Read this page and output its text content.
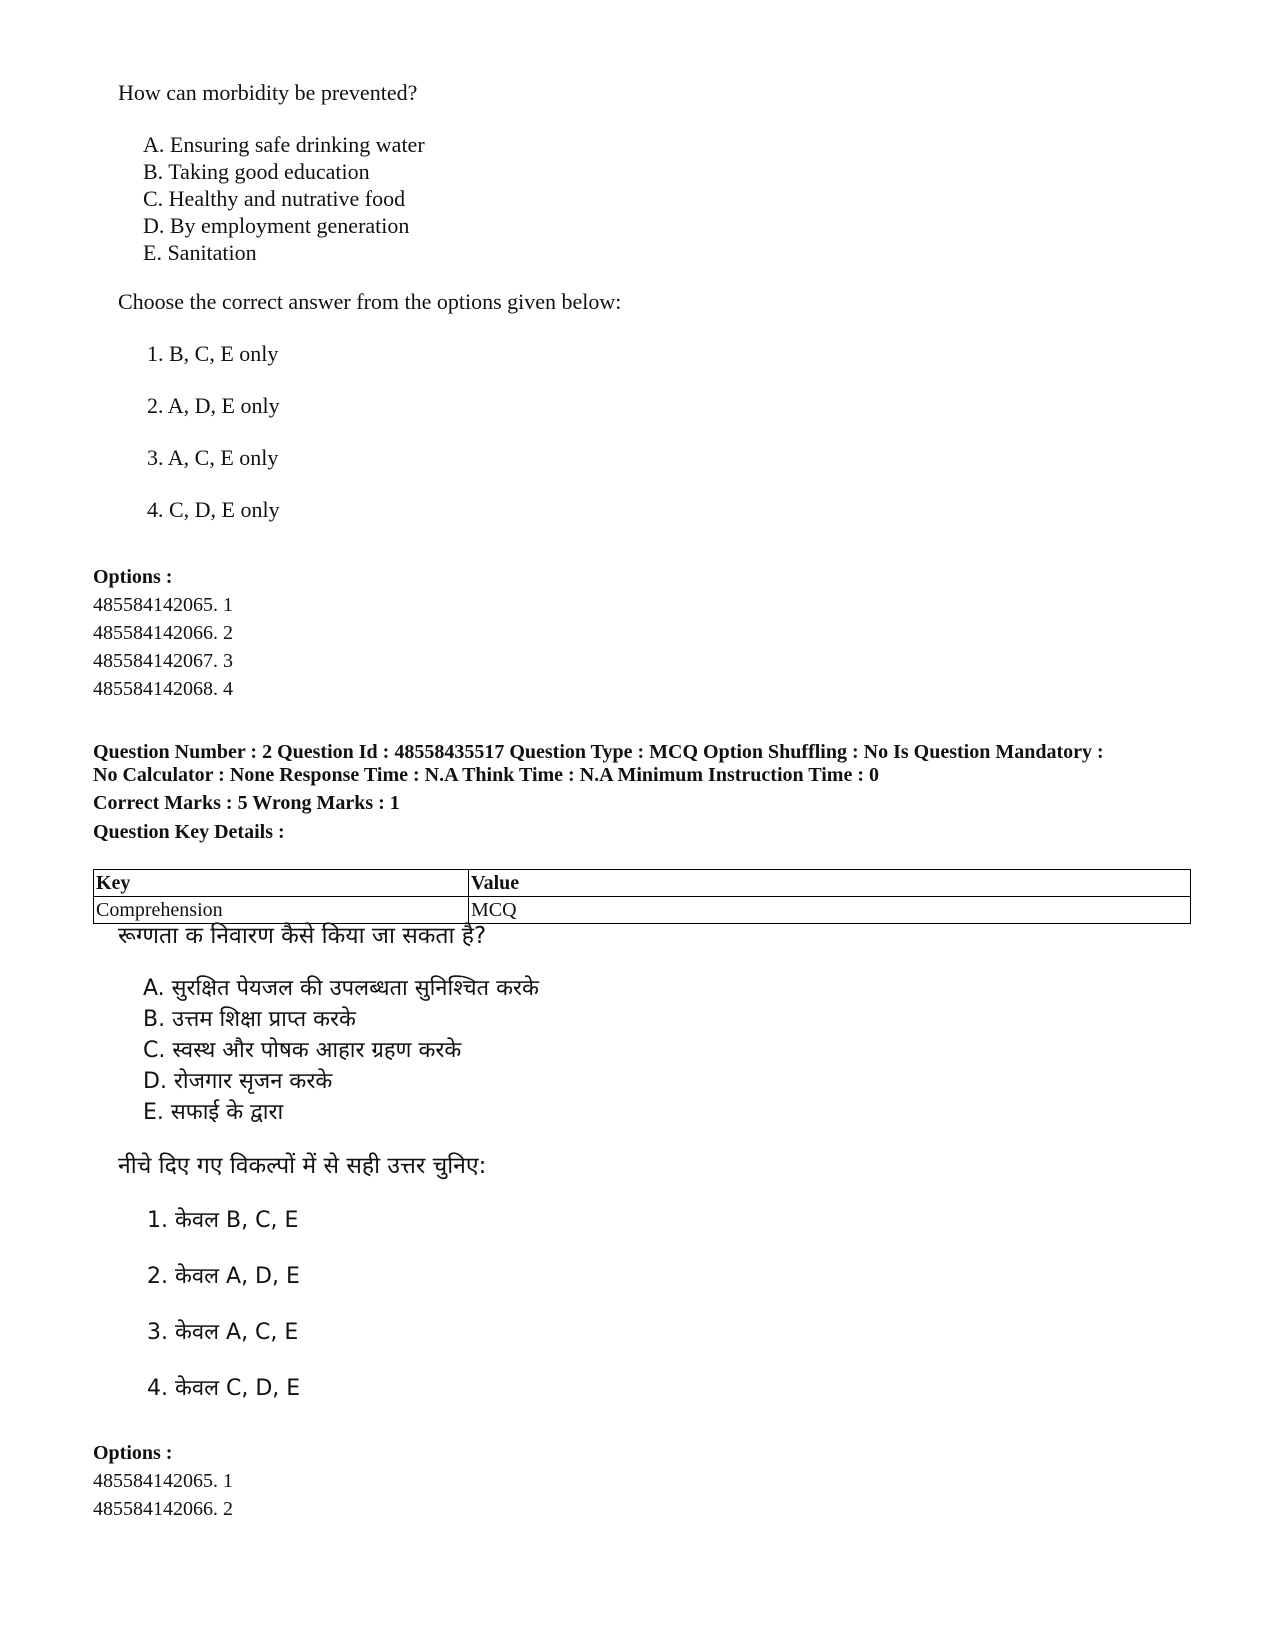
How can morbidity be prevented?
A. Ensuring safe drinking water
B. Taking good education
C. Healthy and nutrative food
D. By employment generation
E. Sanitation
Choose the correct answer from the options given below:
1. B, C, E only
2. A, D, E only
3. A, C, E only
4. C, D, E only
Options :
485584142065. 1
485584142066. 2
485584142067. 3
485584142068. 4
Question Number : 2 Question Id : 48558435517 Question Type : MCQ Option Shuffling : No Is Question Mandatory :
No Calculator : None Response Time : N.A Think Time : N.A Minimum Instruction Time : 0
Correct Marks : 5 Wrong Marks : 1
Question Key Details :
Key	Value
Comprehension	MCQ
रूग्णता क निवारण कैसे किया जा सकता है?
A. सुरक्षित पेयजल की उपलब्धता सुनिश्चित करके
B. उत्तम शिक्षा प्राप्त करके
C. स्वस्थ और पोषक आहार ग्रहण करके
D. रोजगार सृजन करके
E. सफाई के द्वारा
नीचे दिए गए विकल्पों में से सही उत्तर चुनिए:
1. केवल B, C, E
2. केवल A, D, E
3. केवल A, C, E
4. केवल C, D, E
Options :
485584142065. 1
485584142066. 2
